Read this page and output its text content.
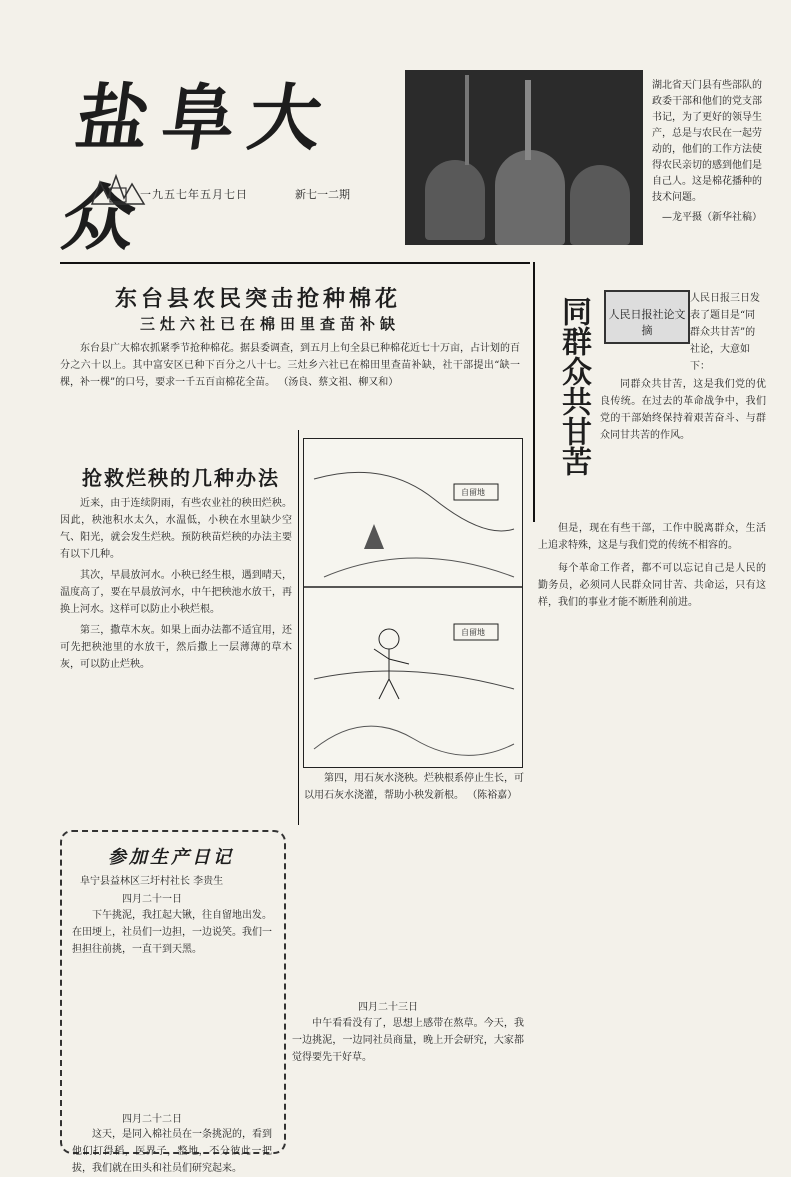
盐阜大众
一九五七年五月七日	新七一二期
湖北省天门县有些部队的政委干部和他们的党支部书记，为了更好的领导生产，总是与农民在一起劳动的，他们的工作方法使得农民亲切的感到他们是自己人。这是棉花播种的技术问题。
—龙平摄（新华社稿）
东台县农民突击抢种棉花
三灶六社已在棉田里查苗补缺
东台县广大棉农抓紧季节抢种棉花。据县委调查，到五月上旬全县已种棉花近七十万亩，占计划的百分之六十以上。其中富安区已种下百分之八十七。三灶乡六社已在棉田里查苗补缺，社干部提出“缺一棵，补一棵”的口号，要求一千五百亩棉花全苗。 （汤良、蔡文祖、柳又和）
抢救烂秧的几种办法

近来，由于连续阴雨，有些农业社的秧田烂秧。因此，秧池积水太久，水温低，小秧在水里缺少空气、阳光，就会发生烂秧。预防秧苗烂秧的办法主要有以下几种。

其次，早晨放河水。小秧已经生根，遇到晴天，温度高了，要在早晨放河水，中午把秧池水放干，再换上河水。这样可以防止小秧烂根。

第三，撒草木灰。如果上面办法都不适宜用，还可先把秧池里的水放干，然后撒上一层薄薄的草木灰，可以防止烂秧。

第四，用石灰水浇秧。烂秧根系停止生长，可以用石灰水浇灌，帮助小秧发新根。 （陈裕嘉）
自留地
自留地
参加生产日记
阜宁县益林区三圩村社长 李贵生
四月二十一日
下午挑泥，我扛起大锹，往自留地出发。在田埂上，社员们一边担，一边说笑。我们一担担往前挑，一直干到天黑。
四月二十二日
这天，是同入棉社员在一条挑泥的，看到他们打得稻，医界子，整地，不分彼此一把拔，我们就在田头和社员们研究起来。
四月二十三日
中午看看没有了，思想上感带在熬草。今天，我一边挑泥，一边同社员商量，晚上开会研究，大家都觉得要先干好草。
同群众共甘苦 人民日报社论文摘
人民日报三日发表了题目是“同群众共甘苦”的社论，大意如下：
同群众共甘苦，这是我们党的优良传统。在过去的革命战争中，我们党的干部始终保持着艰苦奋斗、与群众同甘共苦的作风。

但是，现在有些干部，工作中脱离群众，生活上追求特殊，这是与我们党的传统不相容的。

每个革命工作者，都不可以忘记自己是人民的勤务员，必须同人民群众同甘苦、共命运，只有这样，我们的事业才能不断胜利前进。
